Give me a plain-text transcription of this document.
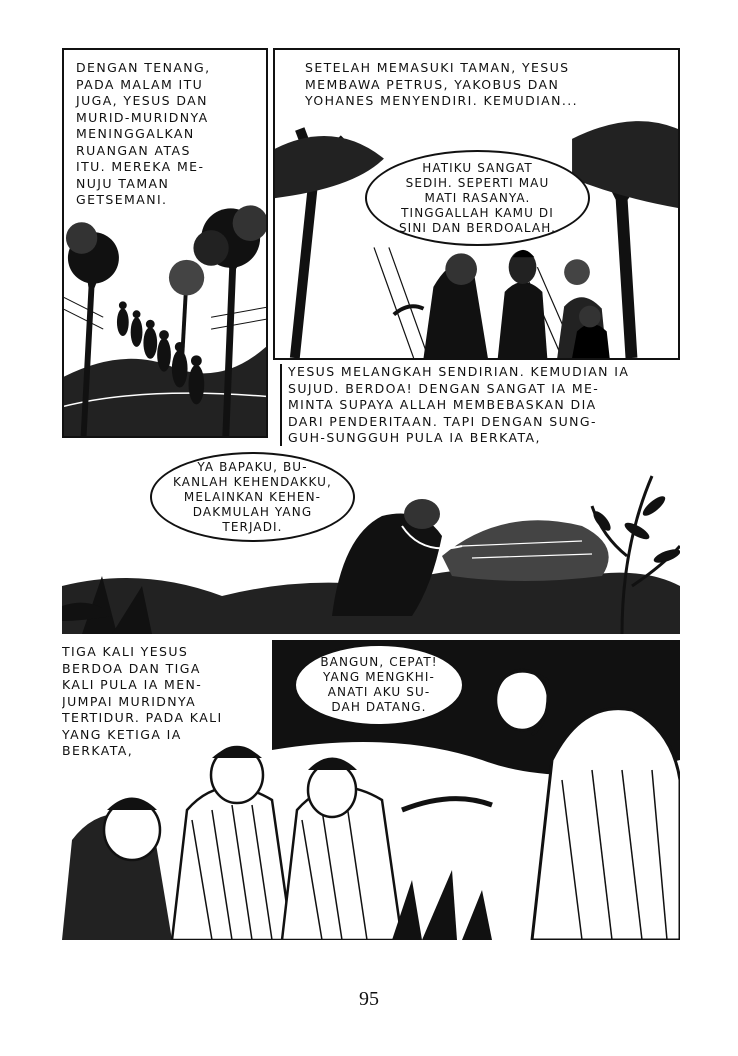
DENGAN TENANG,
PADA MALAM ITU
JUGA, YESUS DAN
MURID-MURIDNYA
MENINGGALKAN
RUANGAN ATAS
ITU. MEREKA ME-
NUJU TAMAN
GETSEMANI.
SETELAH MEMASUKI TAMAN, YESUS
MEMBAWA PETRUS, YAKOBUS DAN
YOHANES MENYENDIRI. KEMUDIAN...
HATIKU SANGAT
SEDIH. SEPERTI MAU
MATI RASANYA.
TINGGALLAH KAMU DI
SINI DAN BERDOALAH.
YESUS MELANGKAH SENDIRIAN. KEMUDIAN IA
SUJUD. BERDOA! DENGAN SANGAT IA ME-
MINTA SUPAYA ALLAH MEMBEBASKAN DIA
DARI PENDERITAAN. TAPI DENGAN SUNG-
GUH-SUNGGUH PULA IA BERKATA,
YA BAPAKU, BU-
KANLAH KEHENDAKKU,
MELAINKAN KEHEN-
DAKMULAH YANG
TERJADI.
TIGA KALI YESUS
BERDOA DAN TIGA
KALI PULA IA MEN-
JUMPAI MURIDNYA
TERTIDUR. PADA KALI
YANG KETIGA IA
BERKATA,
BANGUN, CEPAT!
YANG MENGKHI-
ANATI AKU SU-
DAH DATANG.
95
